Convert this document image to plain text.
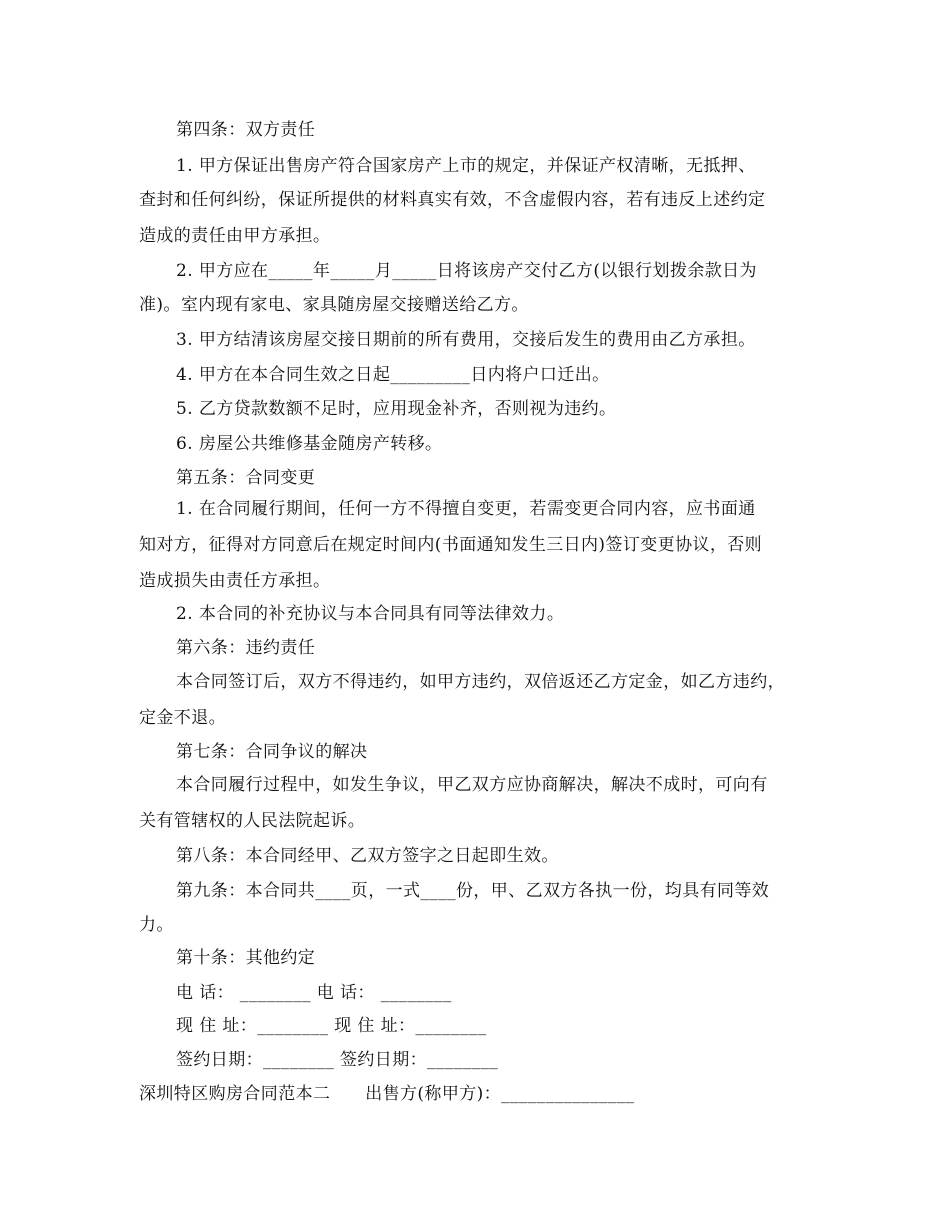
第四条：双方责任
1. 甲方保证出售房产符合国家房产上市的规定，并保证产权清晰，无抵押、
查封和任何纠纷，保证所提供的材料真实有效，不含虚假内容，若有违反上述约定
造成的责任由甲方承担。
2. 甲方应在_____年_____月_____日将该房产交付乙方(以银行划拨余款日为
准)。室内现有家电、家具随房屋交接赠送给乙方。
3. 甲方结清该房屋交接日期前的所有费用，交接后发生的费用由乙方承担。
4. 甲方在本合同生效之日起_________日内将户口迁出。
5. 乙方贷款数额不足时，应用现金补齐，否则视为违约。
6. 房屋公共维修基金随房产转移。
第五条：合同变更
1. 在合同履行期间，任何一方不得擅自变更，若需变更合同内容，应书面通
知对方，征得对方同意后在规定时间内(书面通知发生三日内)签订变更协议，否则
造成损失由责任方承担。
2. 本合同的补充协议与本合同具有同等法律效力。
第六条：违约责任
本合同签订后，双方不得违约，如甲方违约，双倍返还乙方定金，如乙方违约，
定金不退。
第七条：合同争议的解决
本合同履行过程中，如发生争议，甲乙双方应协商解决，解决不成时，可向有
关有管辖权的人民法院起诉。
第八条：本合同经甲、乙双方签字之日起即生效。
第九条：本合同共____页，一式____份，甲、乙双方各执一份，均具有同等效
力。
第十条：其他约定
电 话： ________ 电 话： ________
现 住 址：________ 现 住 址：________
签约日期：________ 签约日期：________
深圳特区购房合同范本二　　出售方(称甲方)：_______________
